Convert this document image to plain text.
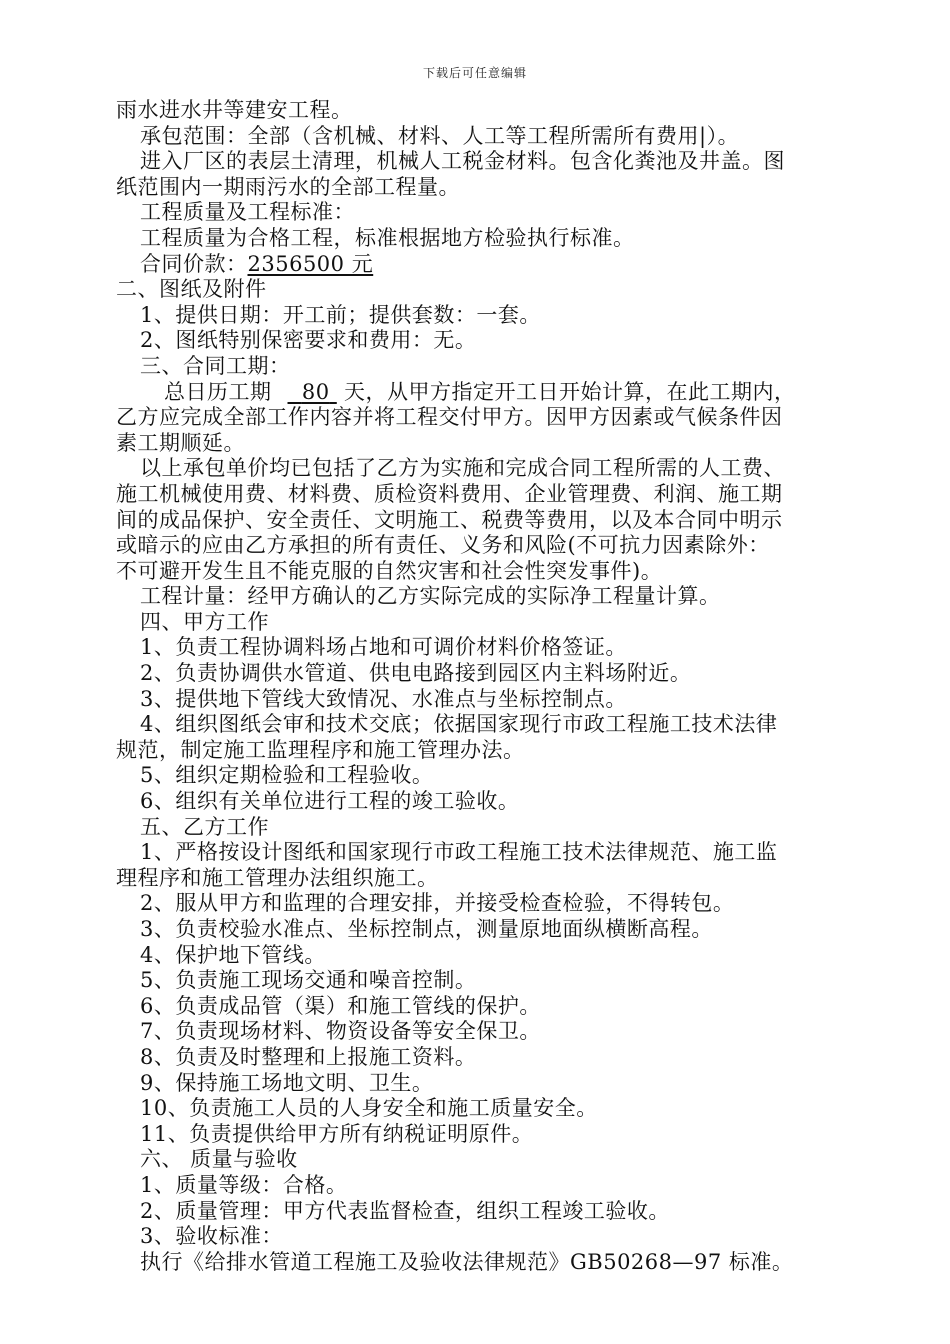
下载后可任意编辑
雨水进水井等建安工程。
承包范围：全部（含机械、材料、人工等工程所需所有费用|）。
进入厂区的表层土清理，机械人工税金材料。包含化粪池及井盖。图
纸范围内一期雨污水的全部工程量。
工程质量及工程标准：
工程质量为合格工程，标准根据地方检验执行标准。
合同价款：2356500 元
二、图纸及附件
1、提供日期：开工前；提供套数：一套。
2、图纸特别保密要求和费用：无。
三、合同工期：
总日历工期 80  天，从甲方指定开工日开始计算，在此工期内，
乙方应完成全部工作内容并将工程交付甲方。因甲方因素或气候条件因
素工期顺延。
以上承包单价均已包括了乙方为实施和完成合同工程所需的人工费、
施工机械使用费、材料费、质检资料费用、企业管理费、利润、施工期
间的成品保护、安全责任、文明施工、税费等费用，以及本合同中明示
或暗示的应由乙方承担的所有责任、义务和风险(不可抗力因素除外：
不可避开发生且不能克服的自然灾害和社会性突发事件)。
工程计量：经甲方确认的乙方实际完成的实际净工程量计算。
四、甲方工作
1、负责工程协调料场占地和可调价材料价格签证。
2、负责协调供水管道、供电电路接到园区内主料场附近。
3、提供地下管线大致情况、水准点与坐标控制点。
4、组织图纸会审和技术交底；依据国家现行市政工程施工技术法律
规范，制定施工监理程序和施工管理办法。
5、组织定期检验和工程验收。
6、组织有关单位进行工程的竣工验收。
五、乙方工作
1、严格按设计图纸和国家现行市政工程施工技术法律规范、施工监
理程序和施工管理办法组织施工。
2、服从甲方和监理的合理安排，并接受检查检验，不得转包。
3、负责校验水准点、坐标控制点，测量原地面纵横断高程。
4、保护地下管线。
5、负责施工现场交通和噪音控制。
6、负责成品管（渠）和施工管线的保护。
7、负责现场材料、物资设备等安全保卫。
8、负责及时整理和上报施工资料。
9、保持施工场地文明、卫生。
10、负责施工人员的人身安全和施工质量安全。
11、负责提供给甲方所有纳税证明原件。
六、 质量与验收
1、质量等级：合格。
2、质量管理：甲方代表监督检查，组织工程竣工验收。
3、验收标准：
执行《给排水管道工程施工及验收法律规范》GB50268—97 标准。
